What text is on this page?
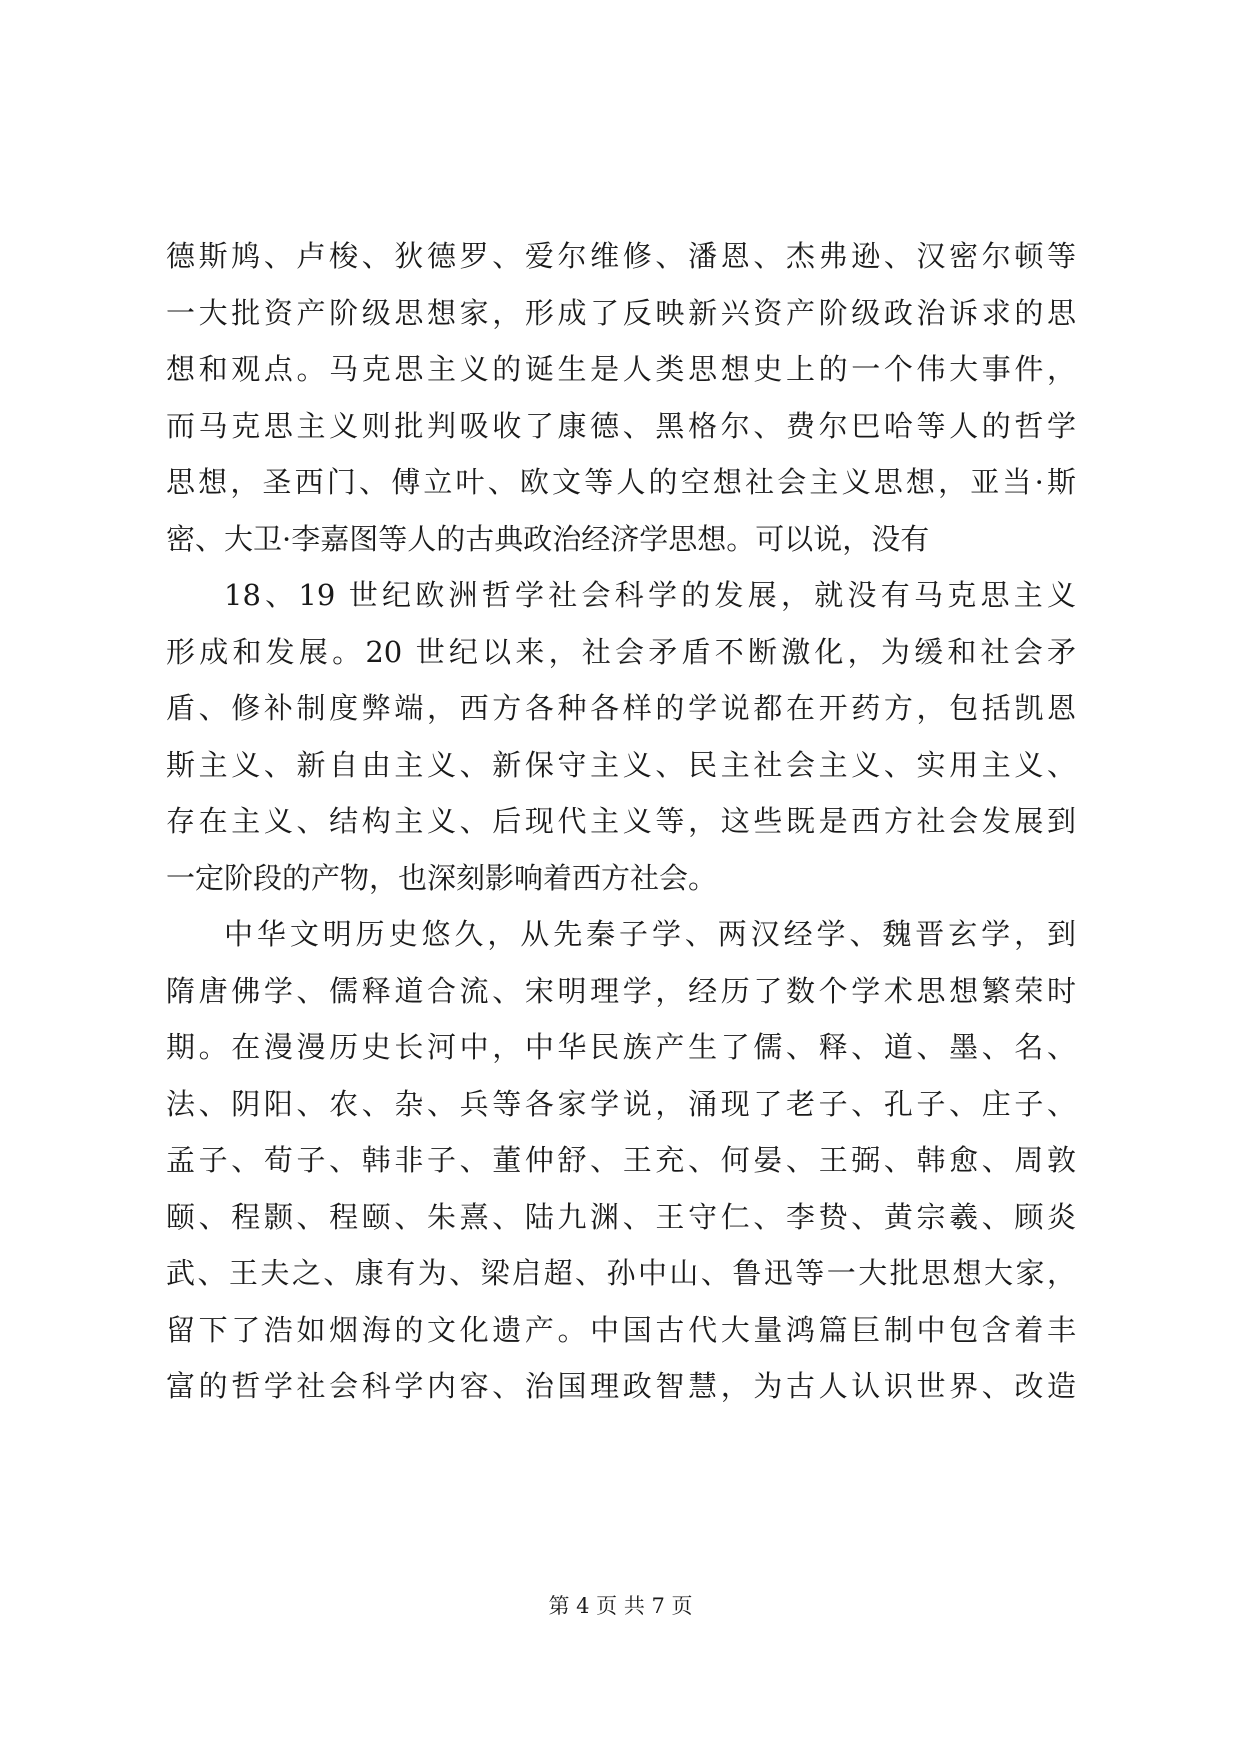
德斯鸠、卢梭、狄德罗、爱尔维修、潘恩、杰弗逊、汉密尔顿等
一大批资产阶级思想家，形成了反映新兴资产阶级政治诉求的思
想和观点。马克思主义的诞生是人类思想史上的一个伟大事件，
而马克思主义则批判吸收了康德、黑格尔、费尔巴哈等人的哲学
思想，圣西门、傅立叶、欧文等人的空想社会主义思想，亚当·斯
密、大卫·李嘉图等人的古典政治经济学思想。可以说，没有
18、19 世纪欧洲哲学社会科学的发展，就没有马克思主义
形成和发展。20 世纪以来，社会矛盾不断激化，为缓和社会矛
盾、修补制度弊端，西方各种各样的学说都在开药方，包括凯恩
斯主义、新自由主义、新保守主义、民主社会主义、实用主义、
存在主义、结构主义、后现代主义等，这些既是西方社会发展到
一定阶段的产物，也深刻影响着西方社会。
中华文明历史悠久，从先秦子学、两汉经学、魏晋玄学，到
隋唐佛学、儒释道合流、宋明理学，经历了数个学术思想繁荣时
期。在漫漫历史长河中，中华民族产生了儒、释、道、墨、名、
法、阴阳、农、杂、兵等各家学说，涌现了老子、孔子、庄子、
孟子、荀子、韩非子、董仲舒、王充、何晏、王弼、韩愈、周敦
颐、程颢、程颐、朱熹、陆九渊、王守仁、李贽、黄宗羲、顾炎
武、王夫之、康有为、梁启超、孙中山、鲁迅等一大批思想大家，
留下了浩如烟海的文化遗产。中国古代大量鸿篇巨制中包含着丰
富的哲学社会科学内容、治国理政智慧，为古人认识世界、改造
第 4 页 共 7 页
